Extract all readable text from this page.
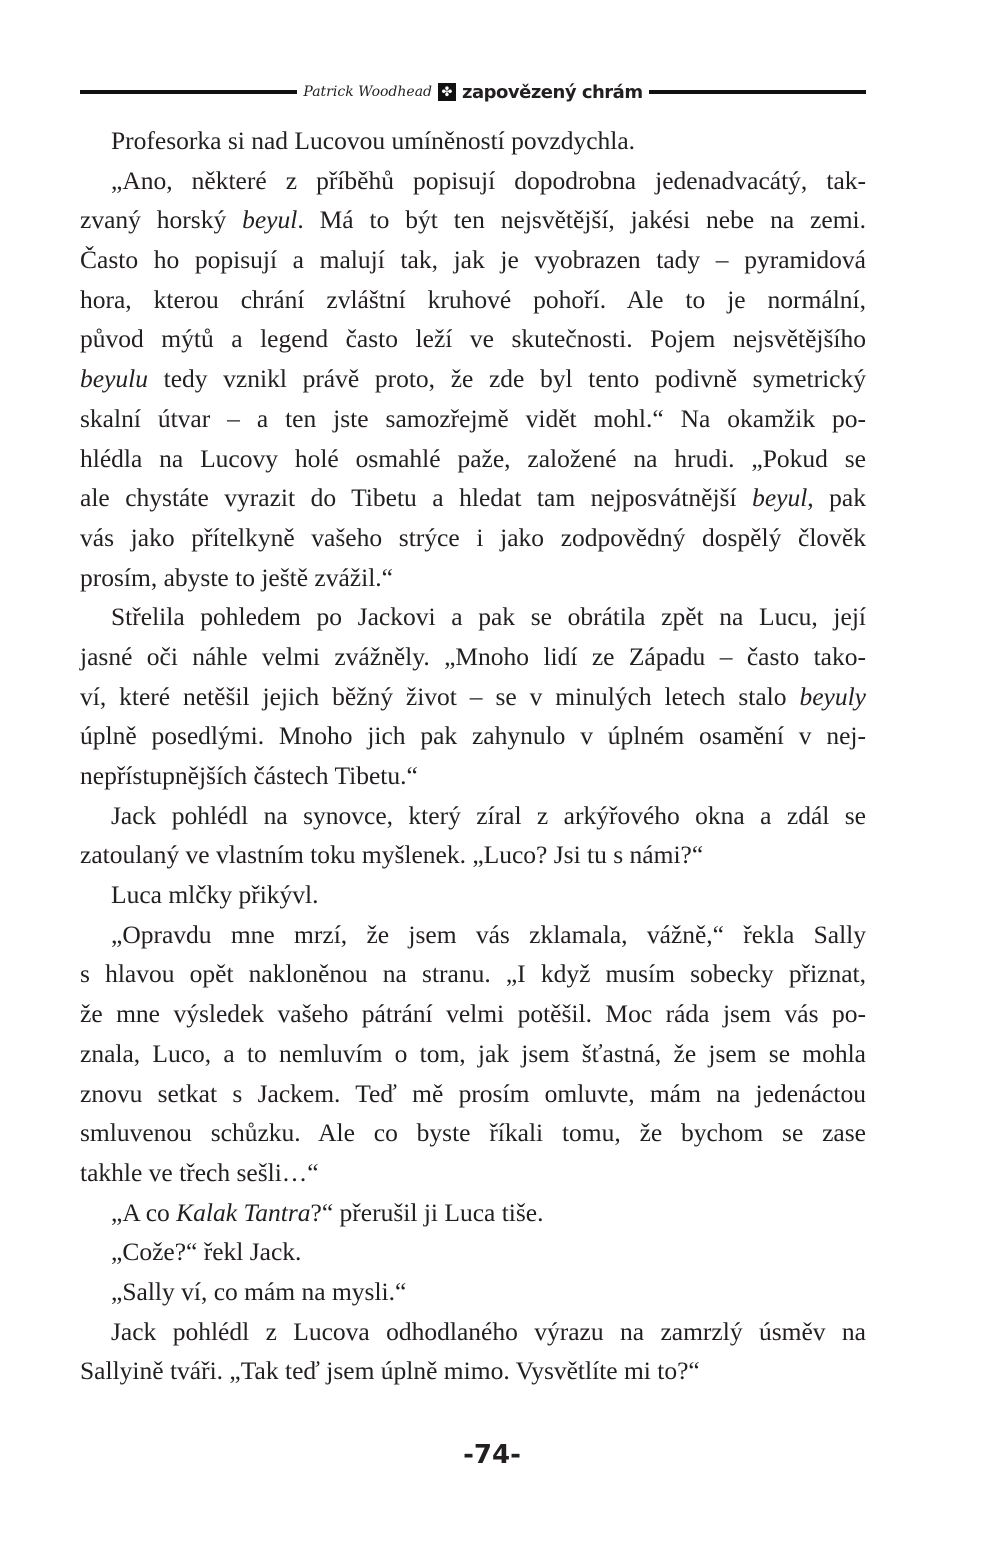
Patrick Woodhead ✤ zapovězený chrám
Profesorka si nad Lucovou umíněností povzdychla.
„Ano, některé z příběhů popisují dopodrobna jedenadvacátý, tak-
zvaný horský beyul. Má to být ten nejsvětější, jakési nebe na zemi.
Často ho popisují a malují tak, jak je vyobrazen tady – pyramidová
hora, kterou chrání zvláštní kruhové pohoří. Ale to je normální,
původ mýtů a legend často leží ve skutečnosti. Pojem nejsvětějšího
beyulu tedy vznikl právě proto, že zde byl tento podivně symetrický
skalní útvar – a ten jste samozřejmě vidět mohl.“ Na okamžik po-
hlédla na Lucovy holé osmahlé paže, založené na hrudi. „Pokud se
ale chystáte vyrazit do Tibetu a hledat tam nejposvátnější beyul, pak
vás jako přítelkyně vašeho strýce i jako zodpovědný dospělý člověk
prosím, abyste to ještě zvážil.“
Střelila pohledem po Jackovi a pak se obrátila zpět na Lucu, její
jasné oči náhle velmi zvážněly. „Mnoho lidí ze Západu – často tako-
ví, které netěšil jejich běžný život – se v minulých letech stalo beyuly
úplně posedlými. Mnoho jich pak zahynulo v úplném osamění v nej-
nepřístupnějších částech Tibetu.“
Jack pohlédl na synovce, který zíral z arkýřového okna a zdál se
zatoulaný ve vlastním toku myšlenek. „Luco? Jsi tu s námi?“
Luca mlčky přikývl.
„Opravdu mne mrzí, že jsem vás zklamala, vážně,“ řekla Sally
s hlavou opět nakloněnou na stranu. „I když musím sobecky přiznat,
že mne výsledek vašeho pátrání velmi potěšil. Moc ráda jsem vás po-
znala, Luco, a to nemluvím o tom, jak jsem šťastná, že jsem se mohla
znovu setkat s Jackem. Teď mě prosím omluvte, mám na jedenáctou
smluvenou schůzku. Ale co byste říkali tomu, že bychom se zase
takhle ve třech sešli…“
„A co Kalak Tantra?“ přerušil ji Luca tiše.
„Cože?“ řekl Jack.
„Sally ví, co mám na mysli.“
Jack pohlédl z Lucova odhodlaného výrazu na zamrzlý úsměv na
Sallyině tváři. „Tak teď jsem úplně mimo. Vysvětlíte mi to?“
-74-
